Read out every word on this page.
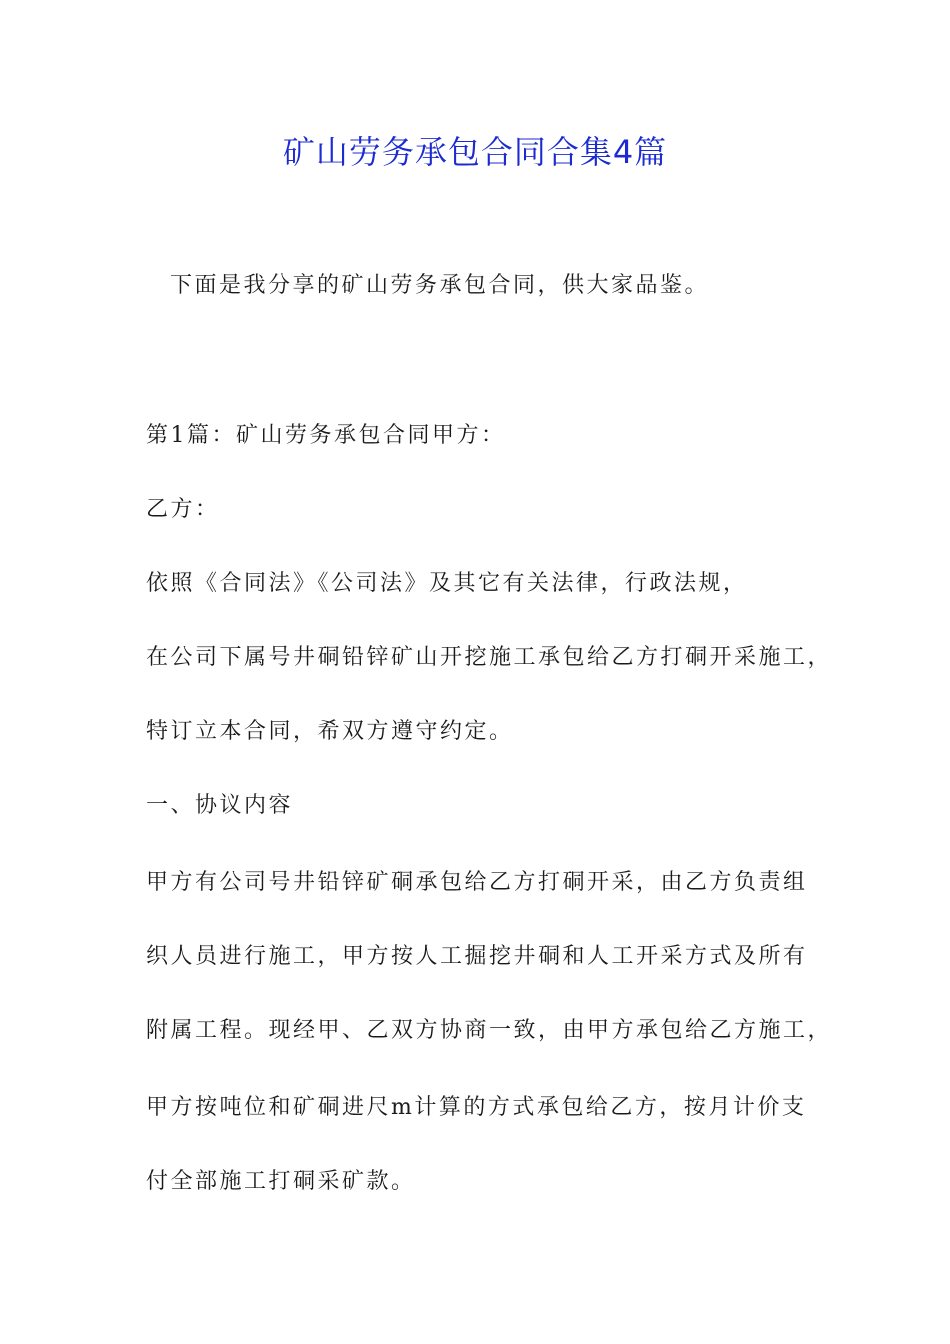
矿山劳务承包合同合集4篇

下面是我分享的矿山劳务承包合同，供大家品鉴。

第1篇：矿山劳务承包合同甲方：

乙方：

依照《合同法》《公司法》及其它有关法律，行政法规，

在公司下属号井硐铅锌矿山开挖施工承包给乙方打硐开采施工，

特订立本合同，希双方遵守约定。

一、协议内容

甲方有公司号井铅锌矿硐承包给乙方打硐开采，由乙方负责组

织人员进行施工，甲方按人工掘挖井硐和人工开采方式及所有

附属工程。现经甲、乙双方协商一致，由甲方承包给乙方施工，

甲方按吨位和矿硐进尺m计算的方式承包给乙方，按月计价支

付全部施工打硐采矿款。
